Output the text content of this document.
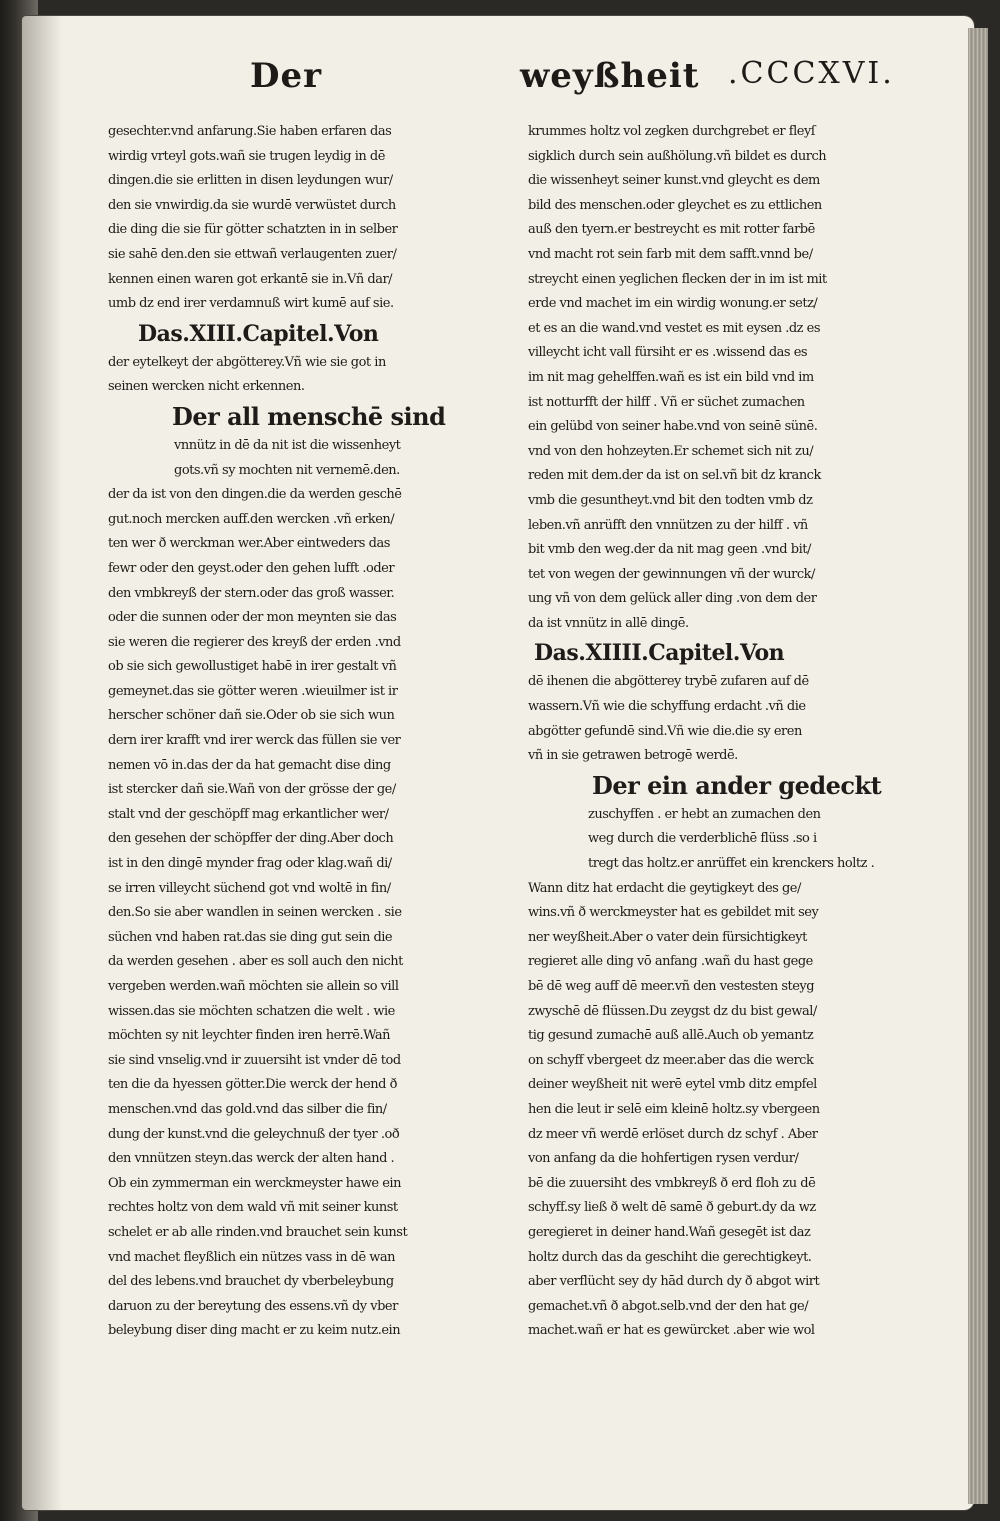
Der	weyßheit .CCCXVI.
gesechter.vnd anfarung.Sie haben erfaren das
wirdig vrteyl gots.wañ sie trugen leydig in dē
dingen.die sie erlitten in disen leydungen wur/
den sie vnwirdig.da sie wurdē verwüstet durch
die ding die sie für götter schatzten in in selber
sie sahē den.den sie ettwañ verlaugenten zuer/
kennen einen waren got erkantē sie in.Vñ dar/
umb dz end irer verdamnuß wirt kumē auf sie.
Das.XIII.Capitel.Von
der eytelkeyt der abgötterey.Vñ wie sie got in
seinen wercken nicht erkennen.
Der all menschē sind
vnnütz in dē da nit ist die wissenheyt
gots.vñ sy mochten nit vernemē.den.
der da ist von den dingen.die da werden geschē
gut.noch mercken auff.den wercken .vñ erken/
ten wer ð werckman wer.Aber eintweders das
fewr oder den geyst.oder den gehen lufft .oder
den vmbkreyß der stern.oder das groß wasser.
oder die sunnen oder der mon meynten sie das
sie weren die regierer des kreyß der erden .vnd
ob sie sich gewollustiget habē in irer gestalt vñ
gemeynet.das sie götter weren .wieuilmer ist ir
herscher schöner dañ sie.Oder ob sie sich wun
dern irer krafft vnd irer werck das füllen sie ver
nemen vō in.das der da hat gemacht dise ding
ist stercker dañ sie.Wañ von der grösse der ge/
stalt vnd der geschöpff mag erkantlicher wer/
den gesehen der schöpffer der ding.Aber doch
ist in den dingē mynder frag oder klag.wañ di/
se irren villeycht süchend got vnd woltē in fin/
den.So sie aber wandlen in seinen wercken . sie
süchen vnd haben rat.das sie ding gut sein die
da werden gesehen . aber es soll auch den nicht
vergeben werden.wañ möchten sie allein so vill
wissen.das sie möchten schatzen die welt . wie
möchten sy nit leychter finden iren herrē.Wañ
sie sind vnselig.vnd ir zuuersiht ist vnder dē tod
ten die da hyessen götter.Die werck der hend ð
menschen.vnd das gold.vnd das silber die fin/
dung der kunst.vnd die geleychnuß der tyer .oð
den vnnützen steyn.das werck der alten hand .
Ob ein zymmerman ein werckmeyster hawe ein
rechtes holtz von dem wald vñ mit seiner kunst
schelet er ab alle rinden.vnd brauchet sein kunst
vnd machet fleyßlich ein nützes vass in dē wan
del des lebens.vnd brauchet dy vberbeleybung
daruon zu der bereytung des essens.vñ dy vber
beleybung diser ding macht er zu keim nutz.ein
krummes holtz vol zegken durchgrebet er fleyſ
sigklich durch sein außhölung.vñ bildet es durch
die wissenheyt seiner kunst.vnd gleycht es dem
bild des menschen.oder gleychet es zu ettlichen
auß den tyern.er bestreycht es mit rotter farbē
vnd macht rot sein farb mit dem safft.vnnd be/
streycht einen yeglichen flecken der in im ist mit
erde vnd machet im ein wirdig wonung.er setz/
et es an die wand.vnd vestet es mit eysen .dz es
villeycht icht vall fürsiht er es .wissend das es
im nit mag gehelffen.wañ es ist ein bild vnd im
ist notturfft der hilff . Vñ er süchet zumachen
ein gelübd von seiner habe.vnd von seinē sünē.
vnd von den hohzeyten.Er schemet sich nit zu/
reden mit dem.der da ist on sel.vñ bit dz kranck
vmb die gesuntheyt.vnd bit den todten vmb dz
leben.vñ anrüfft den vnnützen zu der hilff . vñ
bit vmb den weg.der da nit mag geen .vnd bit/
tet von wegen der gewinnungen vñ der wurck/
ung vñ von dem gelück aller ding .von dem der
da ist vnnütz in allē dingē.
Das.XIIII.Capitel.Von
dē ihenen die abgötterey trybē zufaren auf dē
wassern.Vñ wie die schyffung erdacht .vñ die
abgötter gefundē sind.Vñ wie die.die sy eren
vñ in sie getrawen betrogē werdē.
Der ein ander gedeckt
zuschyffen . er hebt an zumachen den
weg durch die verderblichē flüss .so i
tregt das holtz.er anrüffet ein krenckers holtz .
Wann ditz hat erdacht die geytigkeyt des ge/
wins.vñ ð werckmeyster hat es gebildet mit sey
ner weyßheit.Aber o vater dein fürsichtigkeyt
regieret alle ding vō anfang .wañ du hast gege
bē dē weg auff dē meer.vñ den vestesten steyg
zwyschē dē flüssen.Du zeygst dz du bist gewal/
tig gesund zumachē auß allē.Auch ob yemantz
on schyff vbergeet dz meer.aber das die werck
deiner weyßheit nit werē eytel vmb ditz empfel
hen die leut ir selē eim kleinē holtz.sy vbergeen
dz meer vñ werdē erlöset durch dz schyf . Aber
von anfang da die hohfertigen rysen verdur/
bē die zuuersiht des vmbkreyß ð erd floh zu dē
schyff.sy ließ ð welt dē samē ð geburt.dy da wz
geregieret in deiner hand.Wañ gesegēt ist daz
holtz durch das da geschiht die gerechtigkeyt.
aber verflücht sey dy hād durch dy ð abgot wirt
gemachet.vñ ð abgot.selb.vnd der den hat ge/
machet.wañ er hat es gewürcket .aber wie wol
